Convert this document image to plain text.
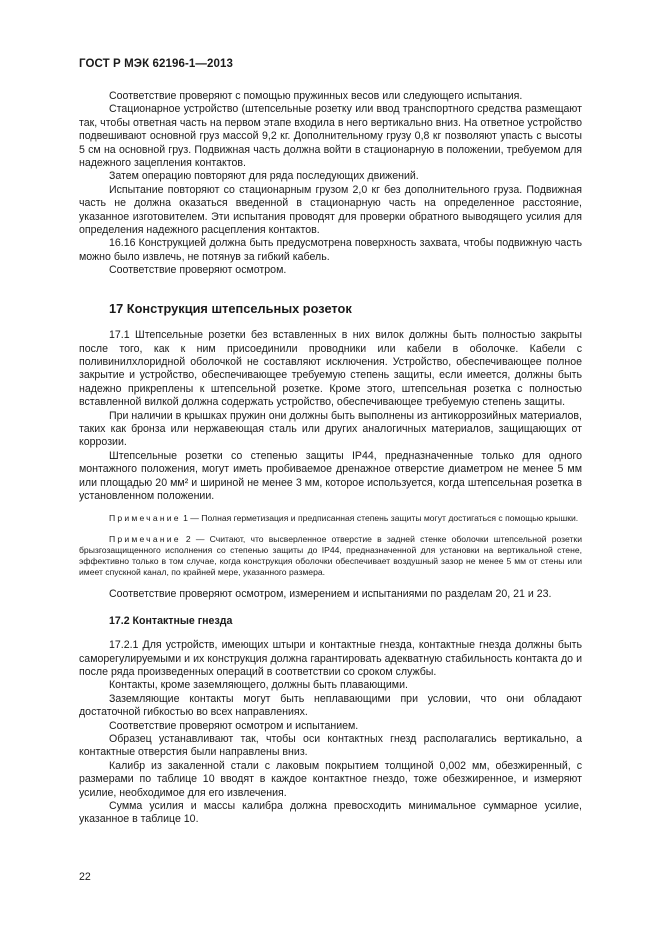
ГОСТ Р МЭК 62196-1—2013

Соответствие проверяют с помощью пружинных весов или следующего испытания.

Стационарное устройство (штепсельные розетку или ввод транспортного средства размещают так, чтобы ответная часть на первом этапе входила в него вертикально вниз. На ответное устройство подвешивают основной груз массой 9,2 кг. Дополнительному грузу 0,8 кг позволяют упасть с высоты 5 см на основной груз. Подвижная часть должна войти в стационарную в положении, требуемом для надежного зацепления контактов.

Затем операцию повторяют для ряда последующих движений.

Испытание повторяют со стационарным грузом 2,0 кг без дополнительного груза. Подвижная часть не должна оказаться введенной в стационарную часть на определенное расстояние, указанное изготовителем. Эти испытания проводят для проверки обратного выводящего усилия для определения надежного расцепления контактов.

16.16 Конструкцией должна быть предусмотрена поверхность захвата, чтобы подвижную часть можно было извлечь, не потянув за гибкий кабель.

Соответствие проверяют осмотром.

17 Конструкция штепсельных розеток

17.1 Штепсельные розетки без вставленных в них вилок должны быть полностью закрыты после того, как к ним присоединили проводники или кабели в оболочке. Кабели с поливинилхлоридной оболочкой не составляют исключения. Устройство, обеспечивающее полное закрытие и устройство, обеспечивающее требуемую степень защиты, если имеется, должны быть надежно прикреплены к штепсельной розетке. Кроме этого, штепсельная розетка с полностью вставленной вилкой должна содержать устройство, обеспечивающее требуемую степень защиты.

При наличии в крышках пружин они должны быть выполнены из антикоррозийных материалов, таких как бронза или нержавеющая сталь или других аналогичных материалов, защищающих от коррозии.

Штепсельные розетки со степенью защиты IP44, предназначенные только для одного монтажного положения, могут иметь пробиваемое дренажное отверстие диаметром не менее 5 мм или площадью 20 мм² и шириной не менее 3 мм, которое используется, когда штепсельная розетка в установленном положении.

Примечание 1 — Полная герметизация и предписанная степень защиты могут достигаться с помощью крышки.

Примечание 2 — Считают, что высверленное отверстие в задней стенке оболочки штепсельной розетки брызгозащищенного исполнения со степенью защиты до IP44, предназначенной для установки на вертикальной стене, эффективно только в том случае, когда конструкция оболочки обеспечивает воздушный зазор не менее 5 мм от стены или имеет спускной канал, по крайней мере, указанного размера.

Соответствие проверяют осмотром, измерением и испытаниями по разделам 20, 21 и 23.

17.2 Контактные гнезда

17.2.1 Для устройств, имеющих штыри и контактные гнезда, контактные гнезда должны быть саморегулируемыми и их конструкция должна гарантировать адекватную стабильность контакта до и после ряда произведенных операций в соответствии со сроком службы.

Контакты, кроме заземляющего, должны быть плавающими.

Заземляющие контакты могут быть неплавающими при условии, что они обладают достаточной гибкостью во всех направлениях.

Соответствие проверяют осмотром и испытанием.

Образец устанавливают так, чтобы оси контактных гнезд располагались вертикально, а контактные отверстия были направлены вниз.

Калибр из закаленной стали с лаковым покрытием толщиной 0,002 мм, обезжиренный, с размерами по таблице 10 вводят в каждое контактное гнездо, тоже обезжиренное, и измеряют усилие, необходимое для его извлечения.

Сумма усилия и массы калибра должна превосходить минимальное суммарное усилие, указанное в таблице 10.

22
